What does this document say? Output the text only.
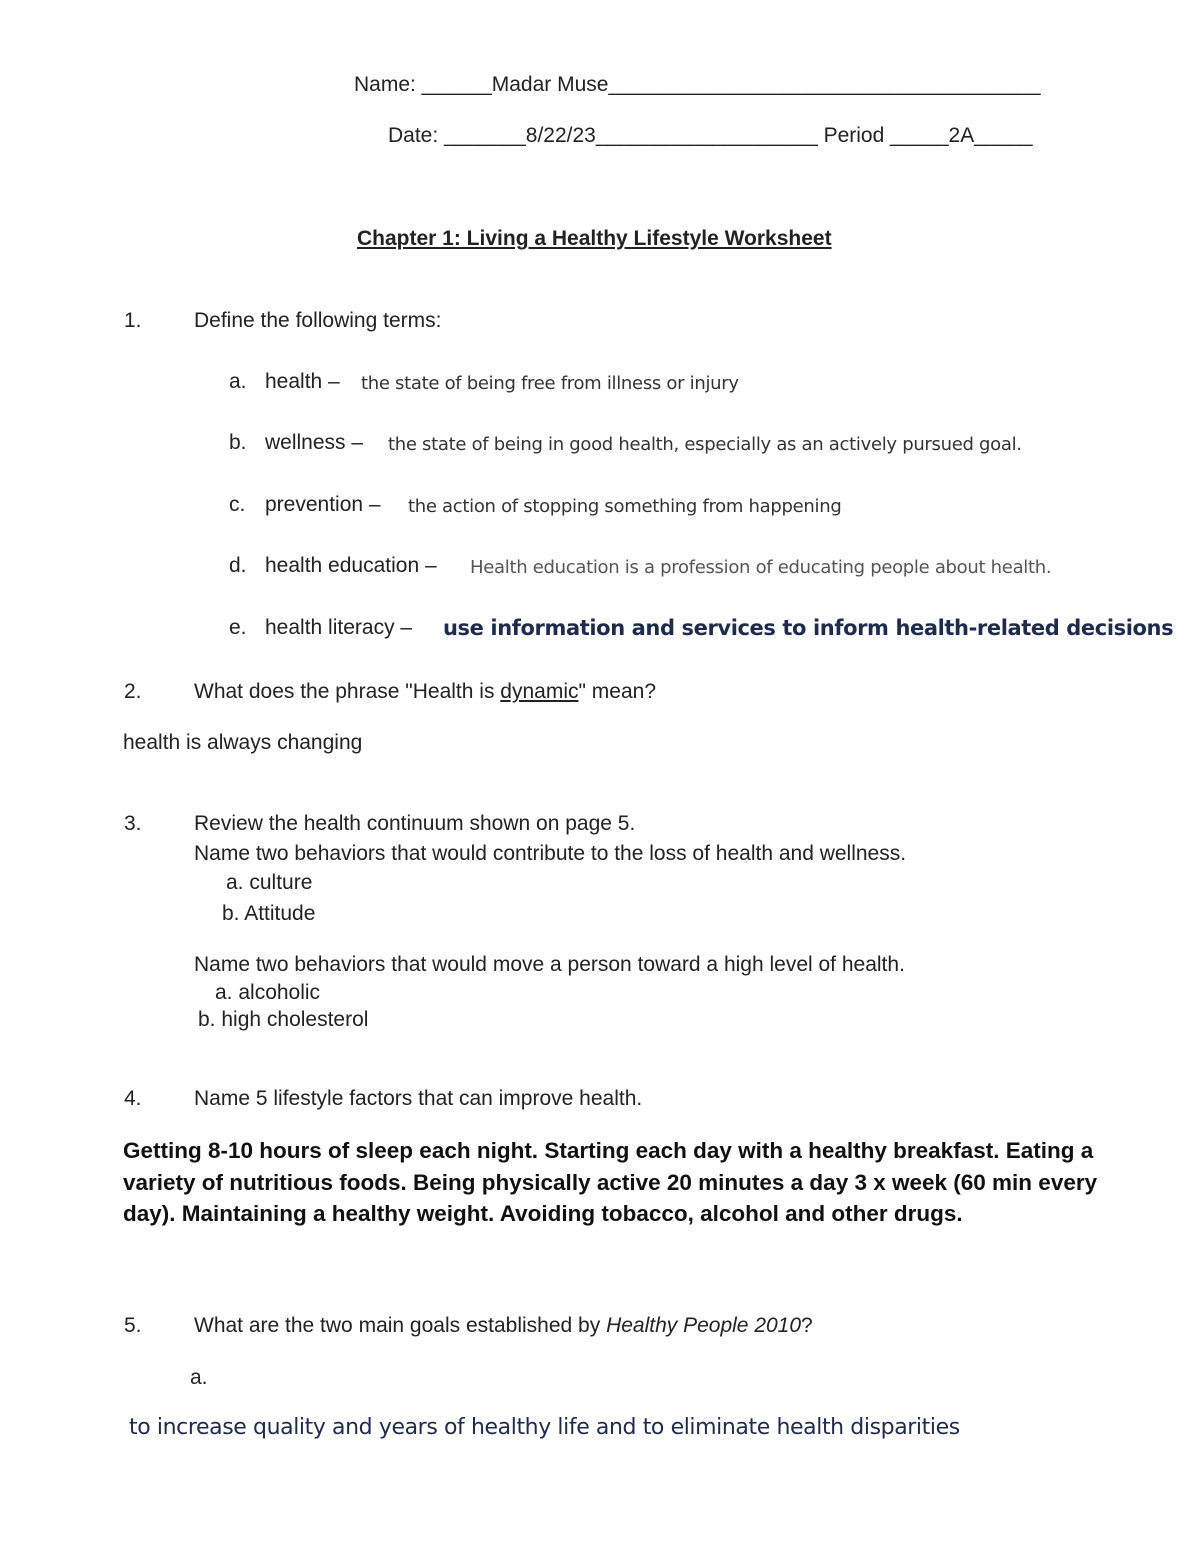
Name: ______Madar Muse_____________________________________
Date: _______8/22/23___________________ Period _____2A_____
Chapter 1: Living a Healthy Lifestyle Worksheet
1. Define the following terms:
a. health – the state of being free from illness or injury
b. wellness – the state of being in good health, especially as an actively pursued goal.
c. prevention – the action of stopping something from happening
d. health education – Health education is a profession of educating people about health.
e. health literacy – use information and services to inform health-related decisions
2. What does the phrase "Health is dynamic" mean?
health is always changing
3. Review the health continuum shown on page 5.
Name two behaviors that would contribute to the loss of health and wellness.
a. culture
b. Attitude
Name two behaviors that would move a person toward a high level of health.
a. alcoholic
b. high cholesterol
4. Name 5 lifestyle factors that can improve health.
Getting 8-10 hours of sleep each night. Starting each day with a healthy breakfast. Eating a variety of nutritious foods. Being physically active 20 minutes a day 3 x week (60 min every day). Maintaining a healthy weight. Avoiding tobacco, alcohol and other drugs.
5. What are the two main goals established by Healthy People 2010?
a.
to increase quality and years of healthy life and to eliminate health disparities
